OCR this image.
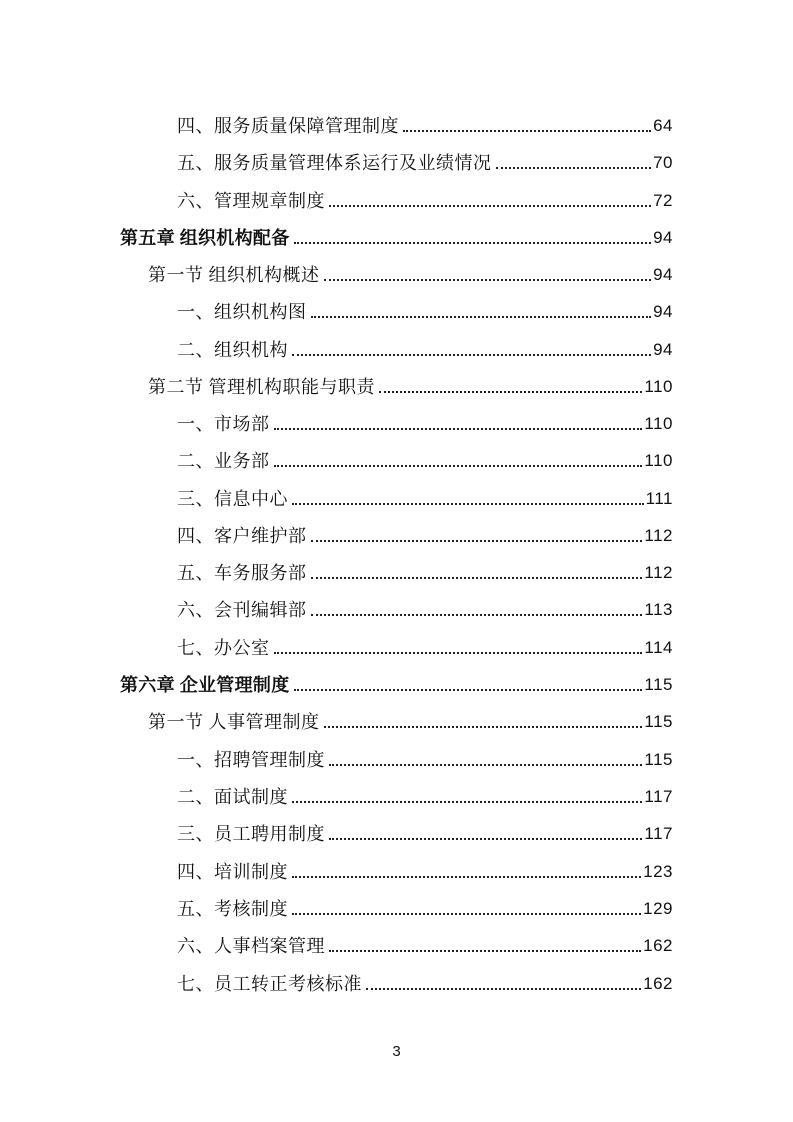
四、服务质量保障管理制度	64
五、服务质量管理体系运行及业绩情况	70
六、管理规章制度	72
第五章 组织机构配备	94
第一节 组织机构概述	94
一、组织机构图	94
二、组织机构	94
第二节 管理机构职能与职责	110
一、市场部	110
二、业务部	110
三、信息中心	111
四、客户维护部	112
五、车务服务部	112
六、会刊编辑部	113
七、办公室	114
第六章 企业管理制度	115
第一节 人事管理制度	115
一、招聘管理制度	115
二、面试制度	117
三、员工聘用制度	117
四、培训制度	123
五、考核制度	129
六、人事档案管理	162
七、员工转正考核标准	162
3
